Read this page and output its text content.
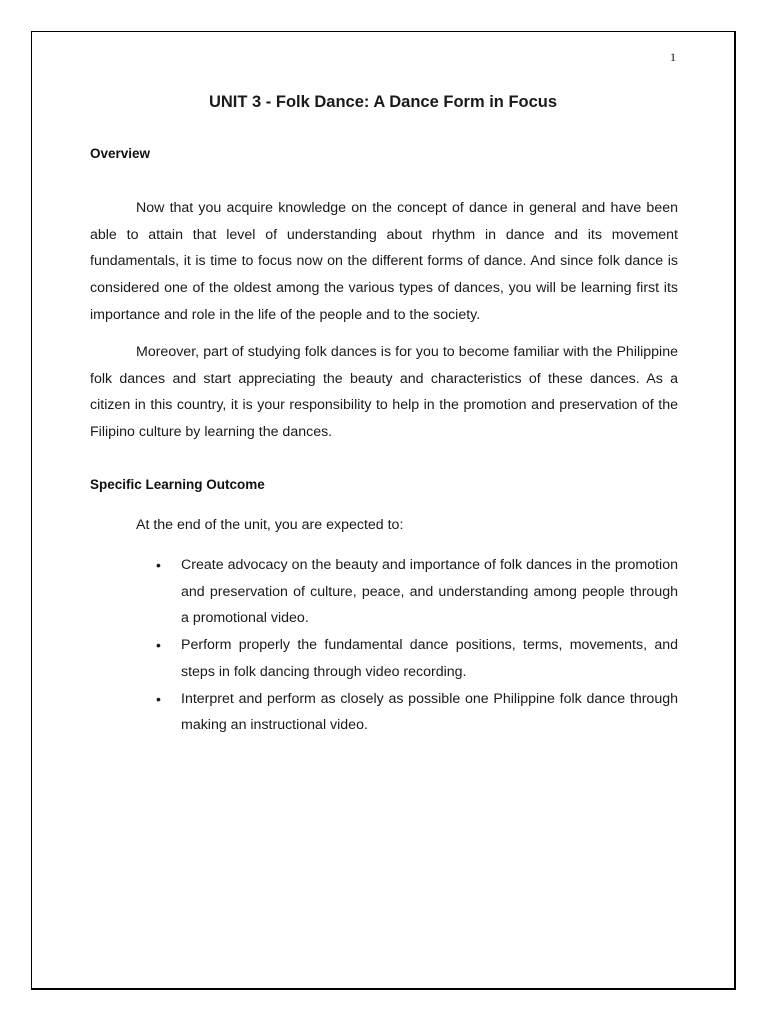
1
UNIT 3 - Folk Dance: A Dance Form in Focus
Overview

Now that you acquire knowledge on the concept of dance in general and have been able to attain that level of understanding about rhythm in dance and its movement fundamentals, it is time to focus now on the different forms of dance. And since folk dance is considered one of the oldest among the various types of dances, you will be learning first its importance and role in the life of the people and to the society.

Moreover, part of studying folk dances is for you to become familiar with the Philippine folk dances and start appreciating the beauty and characteristics of these dances. As a citizen in this country, it is your responsibility to help in the promotion and preservation of the Filipino culture by learning the dances.

Specific Learning Outcome
At the end of the unit, you are expected to:
• Create advocacy on the beauty and importance of folk dances in the promotion and preservation of culture, peace, and understanding among people through a promotional video.
• Perform properly the fundamental dance positions, terms, movements, and steps in folk dancing through video recording.
• Interpret and perform as closely as possible one Philippine folk dance through making an instructional video.
